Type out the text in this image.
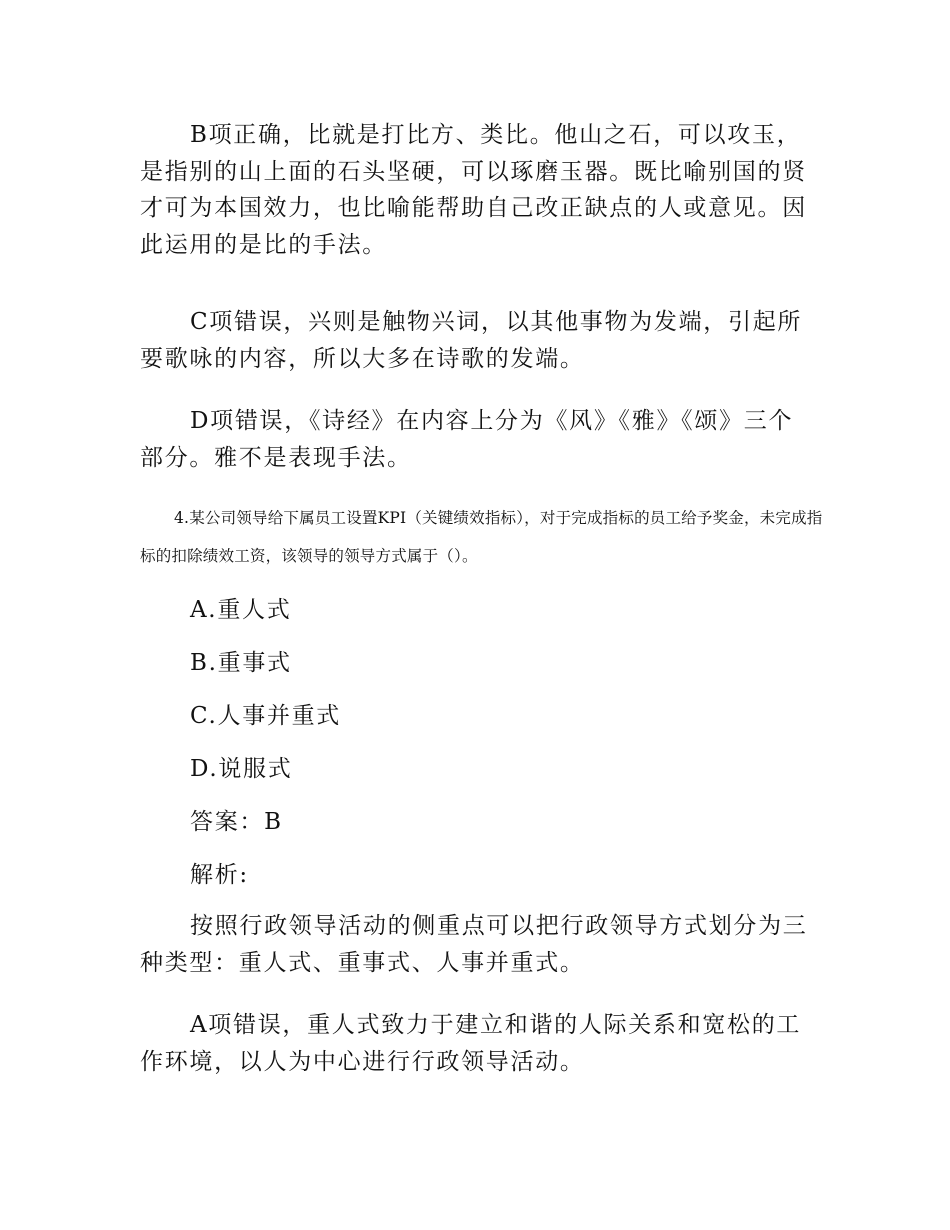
B项正确，比就是打比方、类比。他山之石，可以攻玉，是指别的山上面的石头坚硬，可以琢磨玉器。既比喻别国的贤才可为本国效力，也比喻能帮助自己改正缺点的人或意见。因此运用的是比的手法。

C项错误，兴则是触物兴词，以其他事物为发端，引起所要歌咏的内容，所以大多在诗歌的发端。

D项错误，《诗经》在内容上分为《风》《雅》《颂》三个部分。雅不是表现手法。

4.某公司领导给下属员工设置KPI（关键绩效指标），对于完成指标的员工给予奖金，未完成指标的扣除绩效工资，该领导的领导方式属于（）。

A.重人式

B.重事式

C.人事并重式

D.说服式

答案：B

解析:

按照行政领导活动的侧重点可以把行政领导方式划分为三种类型：重人式、重事式、人事并重式。

A项错误，重人式致力于建立和谐的人际关系和宽松的工作环境，以人为中心进行行政领导活动。
